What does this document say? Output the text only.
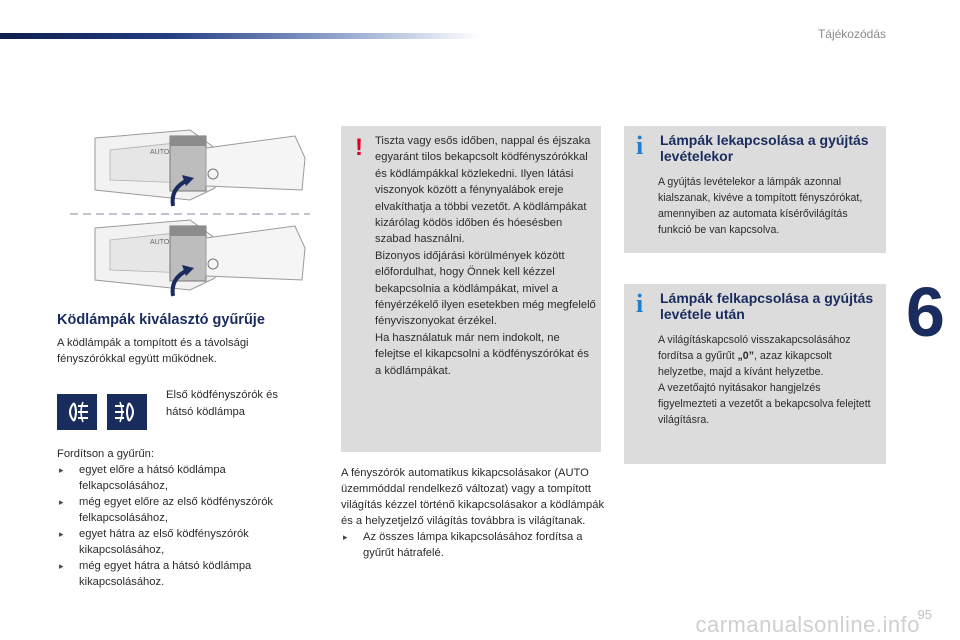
Tájékozódás
6
AUTO
AUTO
Ködlámpák kiválasztó gyűrűje
A ködlámpák a tompított és a távolsági fényszórókkal együtt működnek.
Első ködfényszórók és hátsó ködlámpa
Fordítson a gyűrűn:
▸ egyet előre a hátsó ködlámpa felkapcsolásához,
▸ még egyet előre az első ködfényszórók felkapcsolásához,
▸ egyet hátra az első ködfényszórók kikapcsolásához,
▸ még egyet hátra a hátsó ködlámpa kikapcsolásához.
! Tiszta vagy esős időben, nappal és éjszaka egyaránt tilos bekapcsolt ködfényszórókkal és ködlámpákkal közlekedni. Ilyen látási viszonyok között a fénynyalábok ereje elvakíthatja a többi vezetőt. A ködlámpákat kizárólag ködös időben és hóesésben szabad használni.
Bizonyos időjárási körülmények között előfordulhat, hogy Önnek kell kézzel bekapcsolnia a ködlámpákat, mivel a fényérzékelő ilyen esetekben még megfelelő fényviszonyokat érzékel.
Ha használatuk már nem indokolt, ne felejtse el kikapcsolni a ködfényszórókat és a ködlámpákat.
A fényszórók automatikus kikapcsolásakor (AUTO üzemmóddal rendelkező változat) vagy a tompított világítás kézzel történő kikapcsolásakor a ködlámpák és a helyzetjelző világítás továbbra is világítanak.
▸ Az összes lámpa kikapcsolásához fordítsa a gyűrűt hátrafelé.
i Lámpák lekapcsolása a gyújtás levételekor
A gyújtás levételekor a lámpák azonnal kialszanak, kivéve a tompított fényszórókat, amennyiben az automata kísérővilágítás funkció be van kapcsolva.
i Lámpák felkapcsolása a gyújtás levétele után
A világításkapcsoló visszakapcsolásához fordítsa a gyűrűt „0”, azaz kikapcsolt helyzetbe, majd a kívánt helyzetbe.
A vezetőajtó nyitásakor hangjelzés figyelmezteti a vezetőt a bekapcsolva felejtett világításra.
carmanualsonline.info
95
